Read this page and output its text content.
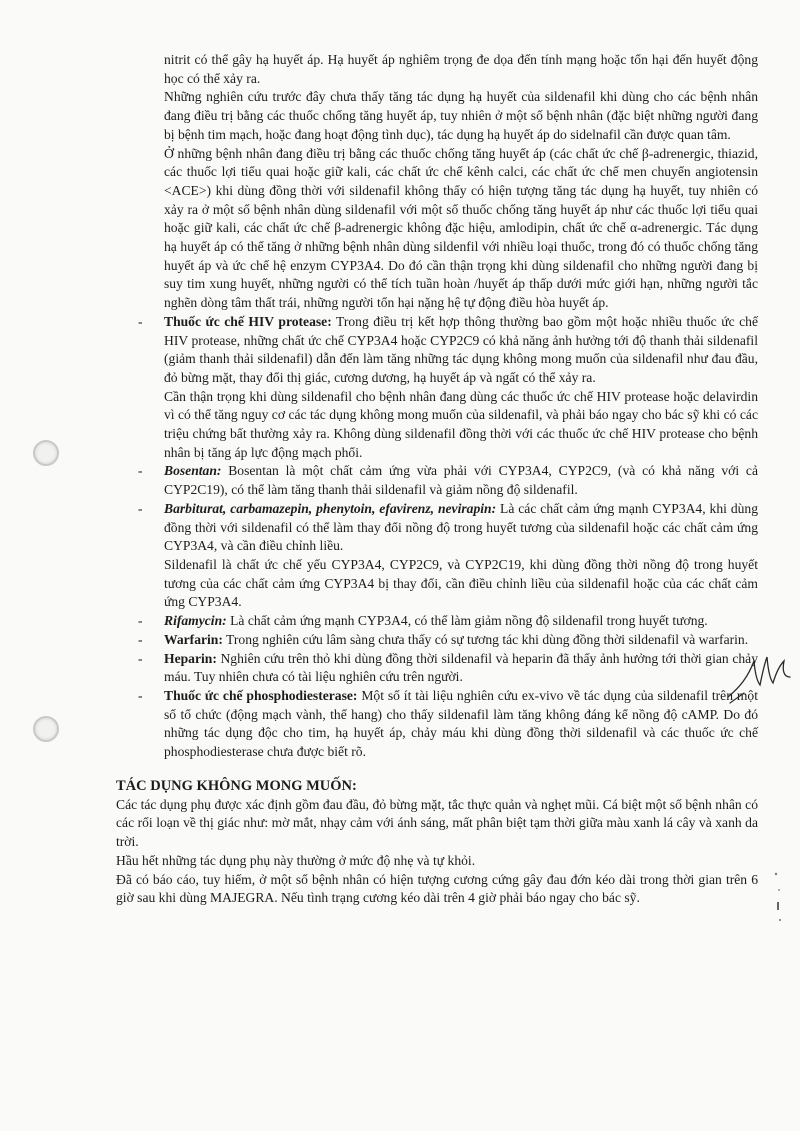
nitrit có thể gây hạ huyết áp. Hạ huyết áp nghiêm trọng đe dọa đến tính mạng hoặc tổn hại đến huyết động học có thể xảy ra.

Những nghiên cứu trước đây chưa thấy tăng tác dụng hạ huyết của sildenafil khi dùng cho các bệnh nhân đang điều trị bằng các thuốc chống tăng huyết áp, tuy nhiên ở một số bệnh nhân (đặc biệt những người đang bị bệnh tim mạch, hoặc đang hoạt động tình dục), tác dụng hạ huyết áp do sidelnafil cần được quan tâm.

Ở những bệnh nhân đang điều trị bằng các thuốc chống tăng huyết áp (các chất ức chế β-adrenergic, thiazid, các thuốc lợi tiểu quai hoặc giữ kali, các chất ức chế kênh calci, các chất ức chế men chuyển angiotensin <ACE>) khi dùng đồng thời với sildenafil không thấy có hiện tượng tăng tác dụng hạ huyết, tuy nhiên có xảy ra ở một số bệnh nhân dùng sildenafil với một số thuốc chống tăng huyết áp như các thuốc lợi tiểu quai hoặc giữ kali, các chất ức chế β-adrenergic không đặc hiệu, amlodipin, chất ức chế α-adrenergic. Tác dụng hạ huyết áp có thể tăng ở những bệnh nhân dùng sildenfil với nhiều loại thuốc, trong đó có thuốc chống tăng huyết áp và ức chế hệ enzym CYP3A4. Do đó cần thận trọng khi dùng sildenafil cho những người đang bị suy tim xung huyết, những người có thể tích tuần hoàn /huyết áp thấp dưới mức giới hạn, những người tắc nghẽn dòng tâm thất trái, những người tổn hại nặng hệ tự động điều hòa huyết áp.

- Thuốc ức chế HIV protease: Trong điều trị kết hợp thông thường bao gồm một hoặc nhiều thuốc ức chế HIV protease, những chất ức chế CYP3A4 hoặc CYP2C9 có khả năng ảnh hưởng tới độ thanh thải sildenafil (giảm thanh thải sildenafil) dẫn đến làm tăng những tác dụng không mong muốn của sildenafil như đau đầu, đỏ bừng mặt, thay đổi thị giác, cương dương, hạ huyết áp và ngất có thể xảy ra.

Cần thận trọng khi dùng sildenafil cho bệnh nhân đang dùng các thuốc ức chế HIV protease hoặc delavirdin vì có thể tăng nguy cơ các tác dụng không mong muốn của sildenafil, và phải báo ngay cho bác sỹ khi có các triệu chứng bất thường xảy ra. Không dùng sildenafil đồng thời với các thuốc ức chế HIV protease cho bệnh nhân bị tăng áp lực động mạch phổi.

- Bosentan: Bosentan là một chất cảm ứng vừa phải với CYP3A4, CYP2C9, (và có khả năng với cả CYP2C19), có thể làm tăng thanh thải sildenafil và giảm nồng độ sildenafil.

- Barbiturat, carbamazepin, phenytoin, efavirenz, nevirapin: Là các chất cảm ứng mạnh CYP3A4, khi dùng đồng thời với sildenafil có thể làm thay đổi nồng độ trong huyết tương của sildenafil hoặc các chất cảm ứng CYP3A4, và cần điều chỉnh liều.

Sildenafil là chất ức chế yếu CYP3A4, CYP2C9, và CYP2C19, khi dùng đồng thời nồng độ trong huyết tương của các chất cảm ứng CYP3A4 bị thay đổi, cần điều chỉnh liều của sildenafil hoặc của các chất cảm ứng CYP3A4.

- Rifamycin: Là chất cảm ứng mạnh CYP3A4, có thể làm giảm nồng độ sildenafil trong huyết tương.

- Warfarin: Trong nghiên cứu lâm sàng chưa thấy có sự tương tác khi dùng đồng thời sildenafil và warfarin.

- Heparin: Nghiên cứu trên thỏ khi dùng đồng thời sildenafil và heparin đã thấy ảnh hưởng tới thời gian chảy máu. Tuy nhiên chưa có tài liệu nghiên cứu trên người.

- Thuốc ức chế phosphodiesterase: Một số ít tài liệu nghiên cứu ex-vivo về tác dụng của sildenafil trên một số tổ chức (động mạch vành, thể hang) cho thấy sildenafil làm tăng không đáng kể nồng độ cAMP. Do đó những tác dụng độc cho tim, hạ huyết áp, chảy máu khi dùng đồng thời sildenafil và các thuốc ức chế phosphodiesterase chưa được biết rõ.

TÁC DỤNG KHÔNG MONG MUỐN:

Các tác dụng phụ được xác định gồm đau đầu, đỏ bừng mặt, tắc thực quản và nghẹt mũi. Cá biệt một số bệnh nhân có các rối loạn về thị giác như: mờ mắt, nhạy cảm với ánh sáng, mất phân biệt tạm thời giữa màu xanh lá cây và xanh da trời.

Hầu hết những tác dụng phụ này thường ở mức độ nhẹ và tự khỏi.

Đã có báo cáo, tuy hiếm, ở một số bệnh nhân có hiện tượng cương cứng gây đau đớn kéo dài trong thời gian trên 6 giờ sau khi dùng MAJEGRA. Nếu tình trạng cương kéo dài trên 4 giờ phải báo ngay cho bác sỹ.
